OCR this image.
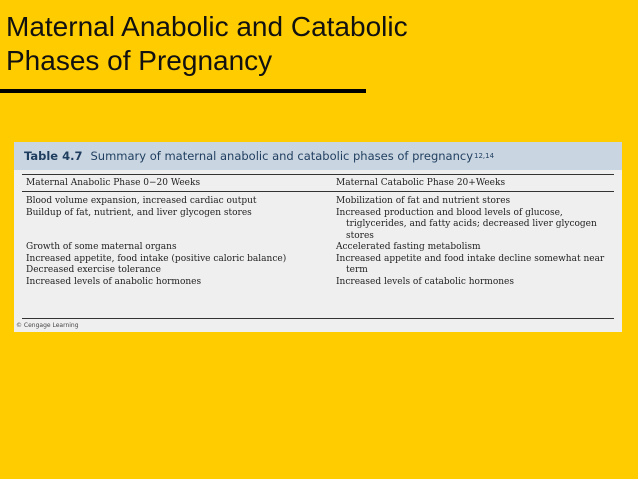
Maternal Anabolic and Catabolic
Phases of Pregnancy
Table 4.7 Summary of maternal anabolic and catabolic phases of pregnancy 12,14
Maternal Anabolic Phase 0−20 Weeks	Maternal Catabolic Phase 20+Weeks
Blood volume expansion, increased cardiac output
Buildup of fat, nutrient, and liver glycogen stores
Growth of some maternal organs
Increased appetite, food intake (positive caloric balance)
Decreased exercise tolerance
Increased levels of anabolic hormones
Mobilization of fat and nutrient stores
Increased production and blood levels of glucose,
triglycerides, and fatty acids; decreased liver glycogen
stores
Accelerated fasting metabolism
Increased appetite and food intake decline somewhat near
term
Increased levels of catabolic hormones
© Cengage Learning
